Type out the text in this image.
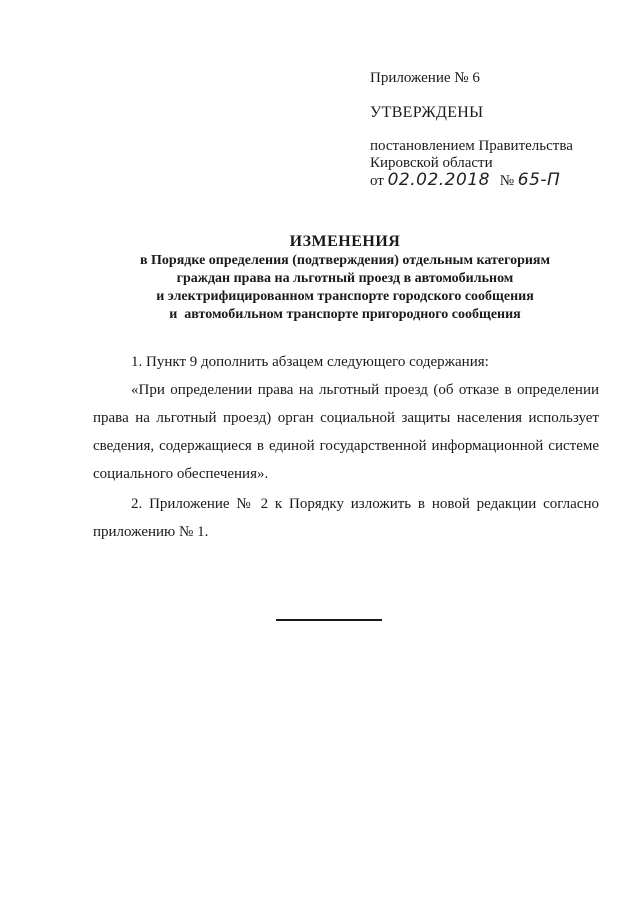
Приложение № 6

УТВЕРЖДЕНЫ

постановлением Правительства
Кировской области
от 02.02.2018 № 65-П
ИЗМЕНЕНИЯ
в Порядке определения (подтверждения) отдельным категориям
граждан права на льготный проезд в автомобильном
и электрифицированном транспорте городского сообщения
и  автомобильном транспорте пригородного сообщения

1. Пункт 9 дополнить абзацем следующего содержания:

«При определении права на льготный проезд (об отказе в определении права на льготный проезд) орган социальной защиты населения использует сведения, содержащиеся в единой государственной информационной системе социального обеспечения».

2. Приложение № 2 к Порядку изложить в новой редакции согласно приложению № 1.
